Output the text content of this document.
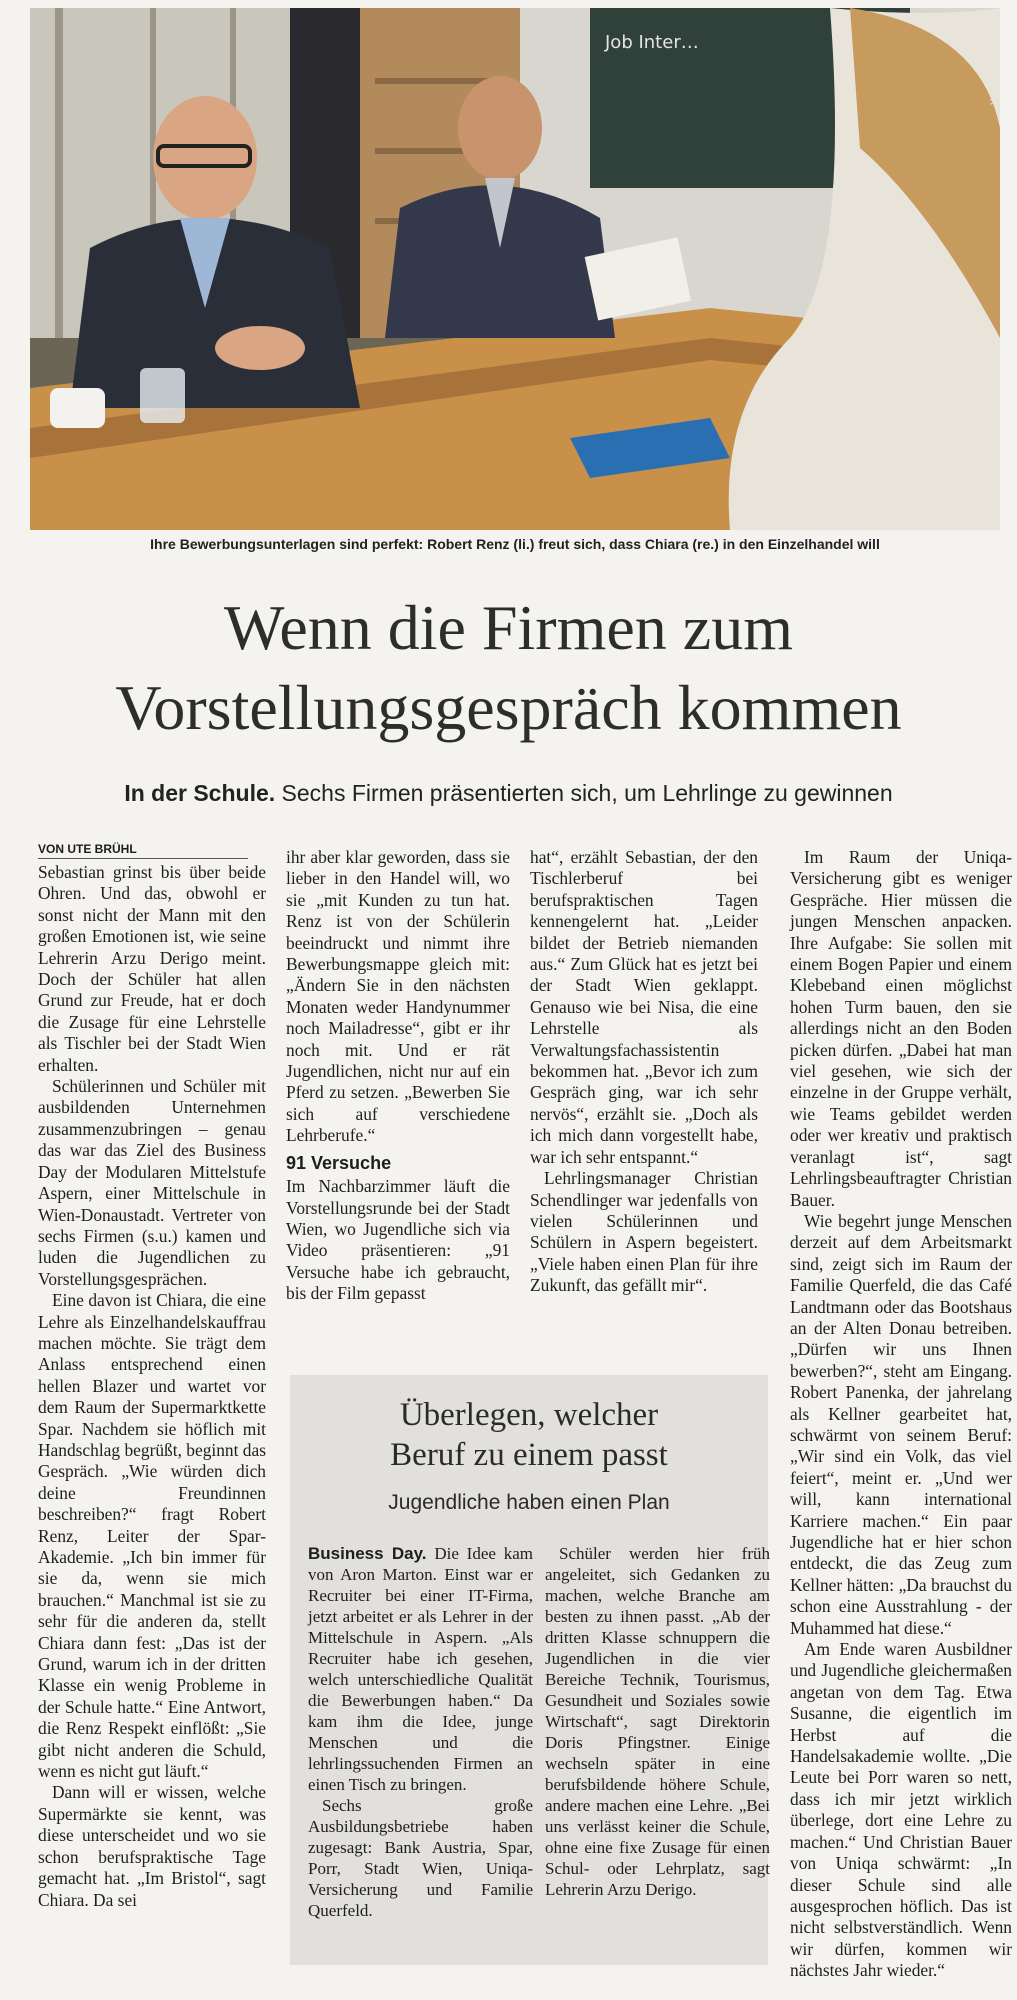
Job Inter…	MARTINA BERGER
Ihre Bewerbungsunterlagen sind perfekt: Robert Renz (li.) freut sich, dass Chiara (re.) in den Einzelhandel will
Wenn die Firmen zum
Vorstellungsgespräch kommen
In der Schule. Sechs Firmen präsentierten sich, um Lehrlinge zu gewinnen
VON UTE BRÜHL

Sebastian grinst bis über beide Ohren. Und das, obwohl er sonst nicht der Mann mit den großen Emotionen ist, wie seine Lehrerin Arzu Derigo meint. Doch der Schüler hat allen Grund zur Freude, hat er doch die Zusage für eine Lehrstelle als Tischler bei der Stadt Wien erhalten.

Schülerinnen und Schüler mit ausbildenden Unternehmen zusammenzubringen – genau das war das Ziel des Business Day der Modularen Mittelstufe Aspern, einer Mittelschule in Wien-Donaustadt. Vertreter von sechs Firmen (s.u.) kamen und luden die Jugendlichen zu Vorstellungsgesprächen.

Eine davon ist Chiara, die eine Lehre als Einzelhandelskauffrau machen möchte. Sie trägt dem Anlass entsprechend einen hellen Blazer und wartet vor dem Raum der Supermarktkette Spar. Nachdem sie höflich mit Handschlag begrüßt, beginnt das Gespräch. „Wie würden dich deine Freundinnen beschreiben?“ fragt Robert Renz, Leiter der Spar-Akademie. „Ich bin immer für sie da, wenn sie mich brauchen.“ Manchmal ist sie zu sehr für die anderen da, stellt Chiara dann fest: „Das ist der Grund, warum ich in der dritten Klasse ein wenig Probleme in der Schule hatte.“ Eine Antwort, die Renz Respekt einflößt: „Sie gibt nicht anderen die Schuld, wenn es nicht gut läuft.“

Dann will er wissen, welche Supermärkte sie kennt, was diese unterscheidet und wo sie schon berufspraktische Tage gemacht hat. „Im Bristol“, sagt Chiara. Da sei

ihr aber klar geworden, dass sie lieber in den Handel will, wo sie „mit Kunden zu tun hat. Renz ist von der Schülerin beeindruckt und nimmt ihre Bewerbungsmappe gleich mit: „Ändern Sie in den nächsten Monaten weder Handynummer noch Mailadresse“, gibt er ihr noch mit. Und er rät Jugendlichen, nicht nur auf ein Pferd zu setzen. „Bewerben Sie sich auf verschiedene Lehrberufe.“

91 Versuche

Im Nachbarzimmer läuft die Vorstellungsrunde bei der Stadt Wien, wo Jugendliche sich via Video präsentieren: „91 Versuche habe ich gebraucht, bis der Film gepasst

hat“, erzählt Sebastian, der den Tischlerberuf bei berufspraktischen Tagen kennengelernt hat. „Leider bildet der Betrieb niemanden aus.“ Zum Glück hat es jetzt bei der Stadt Wien geklappt. Genauso wie bei Nisa, die eine Lehrstelle als Verwaltungsfachassistentin bekommen hat. „Bevor ich zum Gespräch ging, war ich sehr nervös“, erzählt sie. „Doch als ich mich dann vorgestellt habe, war ich sehr entspannt.“

Lehrlingsmanager Christian Schendlinger war jedenfalls von vielen Schülerinnen und Schülern in Aspern begeistert. „Viele haben einen Plan für ihre Zukunft, das gefällt mir“.

Im Raum der Uniqa-Versicherung gibt es weniger Gespräche. Hier müssen die jungen Menschen anpacken. Ihre Aufgabe: Sie sollen mit einem Bogen Papier und einem Klebeband einen möglichst hohen Turm bauen, den sie allerdings nicht an den Boden picken dürfen. „Dabei hat man viel gesehen, wie sich der einzelne in der Gruppe verhält, wie Teams gebildet werden oder wer kreativ und praktisch veranlagt ist“, sagt Lehrlingsbeauftragter Christian Bauer.

Wie begehrt junge Menschen derzeit auf dem Arbeitsmarkt sind, zeigt sich im Raum der Familie Querfeld, die das Café Landtmann oder das Bootshaus an der Alten Donau betreiben. „Dürfen wir uns Ihnen bewerben?“, steht am Eingang. Robert Panenka, der jahrelang als Kellner gearbeitet hat, schwärmt von seinem Beruf: „Wir sind ein Volk, das viel feiert“, meint er. „Und wer will, kann international Karriere machen.“ Ein paar Jugendliche hat er hier schon entdeckt, die das Zeug zum Kellner hätten: „Da brauchst du schon eine Ausstrahlung - der Muhammed hat diese.“

Am Ende waren Ausbildner und Jugendliche gleichermaßen angetan von dem Tag. Etwa Susanne, die eigentlich im Herbst auf die Handelsakademie wollte. „Die Leute bei Porr waren so nett, dass ich mir jetzt wirklich überlege, dort eine Lehre zu machen.“ Und Christian Bauer von Uniqa schwärmt: „In dieser Schule sind alle ausgesprochen höflich. Das ist nicht selbstverständlich. Wenn wir dürfen, kommen wir nächstes Jahr wieder.“

Überlegen, welcher
Beruf zu einem passt
Jugendliche haben einen Plan

Business Day. Die Idee kam von Aron Marton. Einst war er Recruiter bei einer IT-Firma, jetzt arbeitet er als Lehrer in der Mittelschule in Aspern. „Als Recruiter habe ich gesehen, welch unterschiedliche Qualität die Bewerbungen haben.“ Da kam ihm die Idee, junge Menschen und die lehrlingssuchenden Firmen an einen Tisch zu bringen.

Sechs große Ausbildungsbetriebe haben zugesagt: Bank Austria, Spar, Porr, Stadt Wien, Uniqa-Versicherung und Familie Querfeld.

Schüler werden hier früh angeleitet, sich Gedanken zu machen, welche Branche am besten zu ihnen passt. „Ab der dritten Klasse schnuppern die Jugendlichen in die vier Bereiche Technik, Tourismus, Gesundheit und Soziales sowie Wirtschaft“, sagt Direktorin Doris Pfingstner. Einige wechseln später in eine berufsbildende höhere Schule, andere machen eine Lehre. „Bei uns verlässt keiner die Schule, ohne eine fixe Zusage für einen Schul- oder Lehrplatz, sagt Lehrerin Arzu Derigo.
